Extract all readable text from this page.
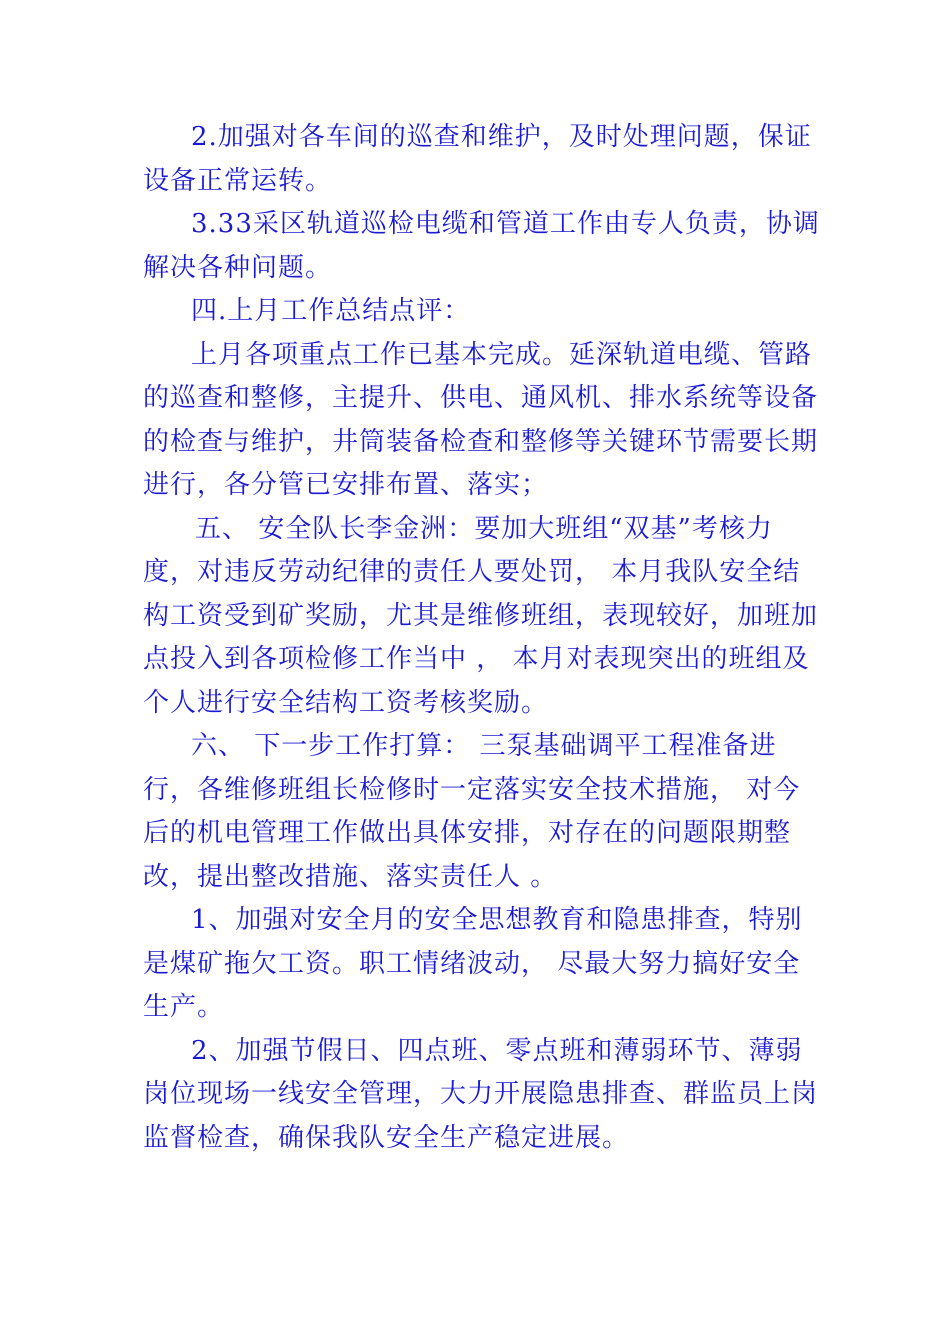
2.加强对各车间的巡查和维护，及时处理问题，保证设备正常运转。

3.33采区轨道巡检电缆和管道工作由专人负责，协调解决各种问题。

四.上月工作总结点评：

上月各项重点工作已基本完成。延深轨道电缆、管路的巡查和整修，主提升、供电、通风机、排水系统等设备的检查与维护，井筒装备检查和整修等关键环节需要长期进行，各分管已安排布置、落实；

五、 安全队长李金洲：要加大班组“双基”考核力度，对违反劳动纪律的责任人要处罚， 本月我队安全结构工资受到矿奖励，尤其是维修班组，表现较好，加班加点投入到各项检修工作当中 ， 本月对表现突出的班组及个人进行安全结构工资考核奖励。

六、 下一步工作打算： 三泵基础调平工程准备进行，各维修班组长检修时一定落实安全技术措施， 对今后的机电管理工作做出具体安排，对存在的问题限期整改，提出整改措施、落实责任人 。

1、加强对安全月的安全思想教育和隐患排查，特别是煤矿拖欠工资。职工情绪波动， 尽最大努力搞好安全生产。

2、加强节假日、四点班、零点班和薄弱环节、薄弱岗位现场一线安全管理，大力开展隐患排查、群监员上岗监督检查，确保我队安全生产稳定进展。
